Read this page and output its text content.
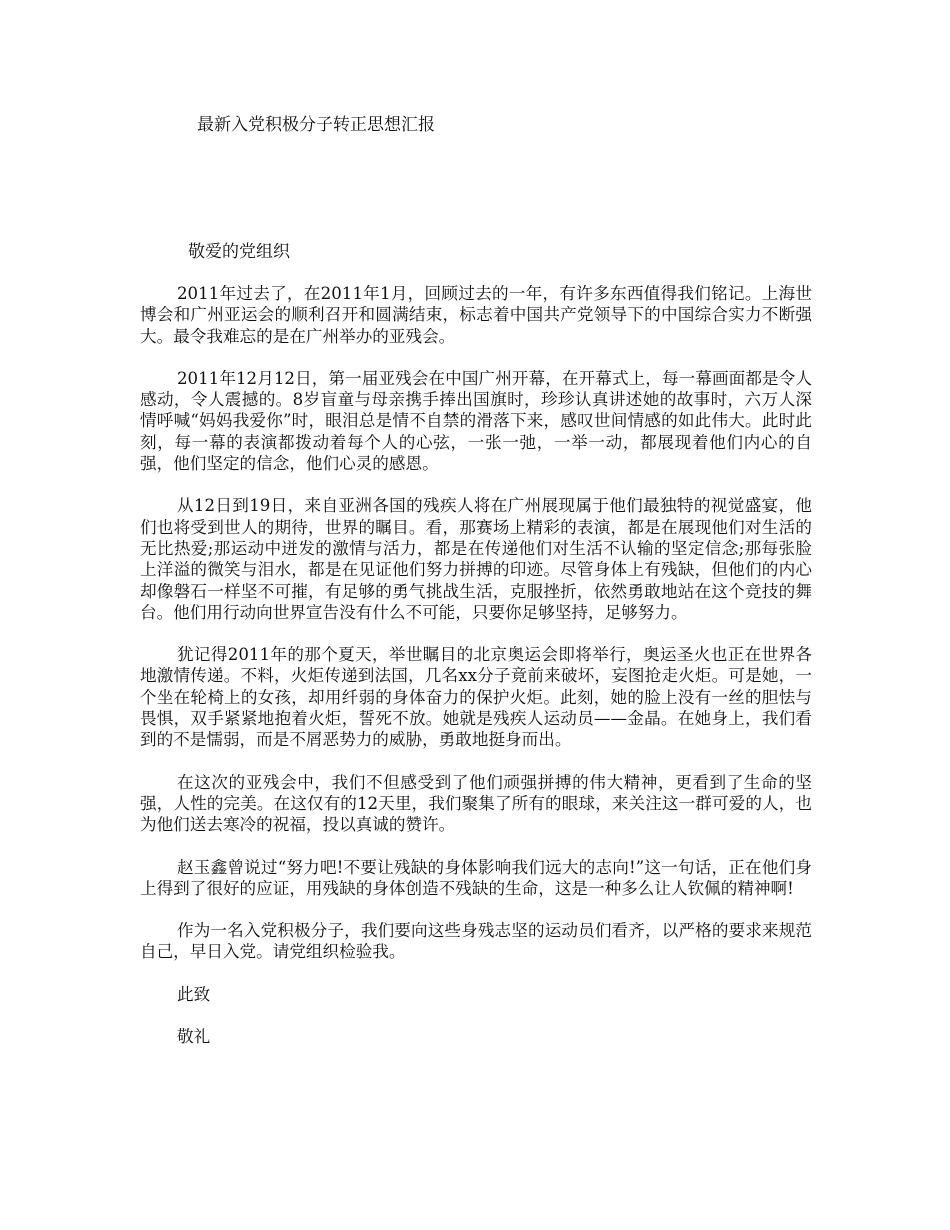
最新入党积极分子转正思想汇报
敬爱的党组织

2011年过去了，在2011年1月，回顾过去的一年，有许多东西值得我们铭记。上海世博会和广州亚运会的顺利召开和圆满结束，标志着中国共产党领导下的中国综合实力不断强大。最令我难忘的是在广州举办的亚残会。

2011年12月12日，第一届亚残会在中国广州开幕，在开幕式上，每一幕画面都是令人感动，令人震撼的。8岁盲童与母亲携手捧出国旗时，珍珍认真讲述她的故事时，六万人深情呼喊“妈妈我爱你”时，眼泪总是情不自禁的滑落下来，感叹世间情感的如此伟大。此时此刻，每一幕的表演都拨动着每个人的心弦，一张一弛，一举一动，都展现着他们内心的自强，他们坚定的信念，他们心灵的感恩。

从12日到19日，来自亚洲各国的残疾人将在广州展现属于他们最独特的视觉盛宴，他们也将受到世人的期待，世界的瞩目。看，那赛场上精彩的表演，都是在展现他们对生活的无比热爱;那运动中迸发的激情与活力，都是在传递他们对生活不认输的坚定信念;那每张脸上洋溢的微笑与泪水，都是在见证他们努力拼搏的印迹。尽管身体上有残缺，但他们的内心却像磐石一样坚不可摧，有足够的勇气挑战生活，克服挫折，依然勇敢地站在这个竞技的舞台。他们用行动向世界宣告没有什么不可能，只要你足够坚持，足够努力。

犹记得2011年的那个夏天，举世瞩目的北京奥运会即将举行，奥运圣火也正在世界各地激情传递。不料，火炬传递到法国，几名xx分子竟前来破坏，妄图抢走火炬。可是她，一个坐在轮椅上的女孩，却用纤弱的身体奋力的保护火炬。此刻，她的脸上没有一丝的胆怯与畏惧，双手紧紧地抱着火炬，誓死不放。她就是残疾人运动员——金晶。在她身上，我们看到的不是懦弱，而是不屑恶势力的威胁，勇敢地挺身而出。

在这次的亚残会中，我们不但感受到了他们顽强拼搏的伟大精神，更看到了生命的坚强，人性的完美。在这仅有的12天里，我们聚集了所有的眼球，来关注这一群可爱的人，也为他们送去寒冷的祝福，投以真诚的赞许。

赵玉鑫曾说过“努力吧!不要让残缺的身体影响我们远大的志向!”这一句话，正在他们身上得到了很好的应证，用残缺的身体创造不残缺的生命，这是一种多么让人钦佩的精神啊!

作为一名入党积极分子，我们要向这些身残志坚的运动员们看齐，以严格的要求来规范自己，早日入党。请党组织检验我。

此致

敬礼
